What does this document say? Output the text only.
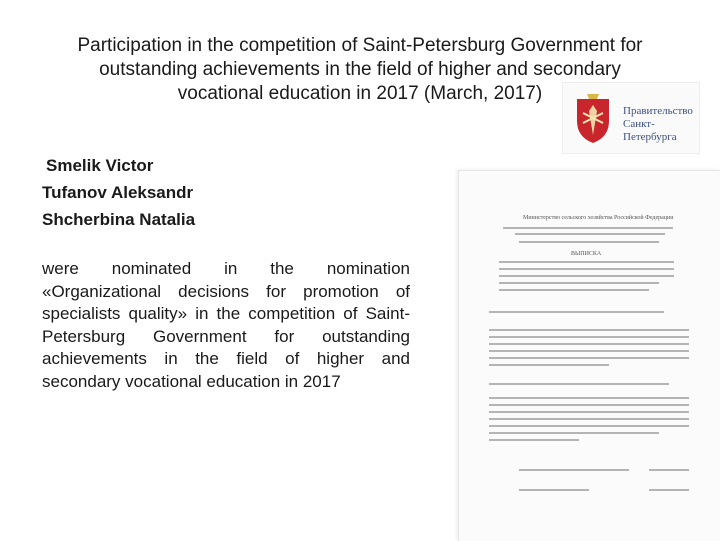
Participation in the competition of Saint-Petersburg Government for
outstanding achievements in the field of higher and secondary
vocational education in 2017 (March, 2017)
Smelik Victor
Tufanov Aleksandr
Shcherbina Natalia
were nominated in the nomination «Organizational decisions for promotion of specialists quality» in the competition of Saint-Petersburg Government for outstanding achievements in the field of higher and secondary vocational education in 2017
Правительство
Санкт-Петербурга
Министерство сельского хозяйства Российской Федерации
ВЫПИСКА
